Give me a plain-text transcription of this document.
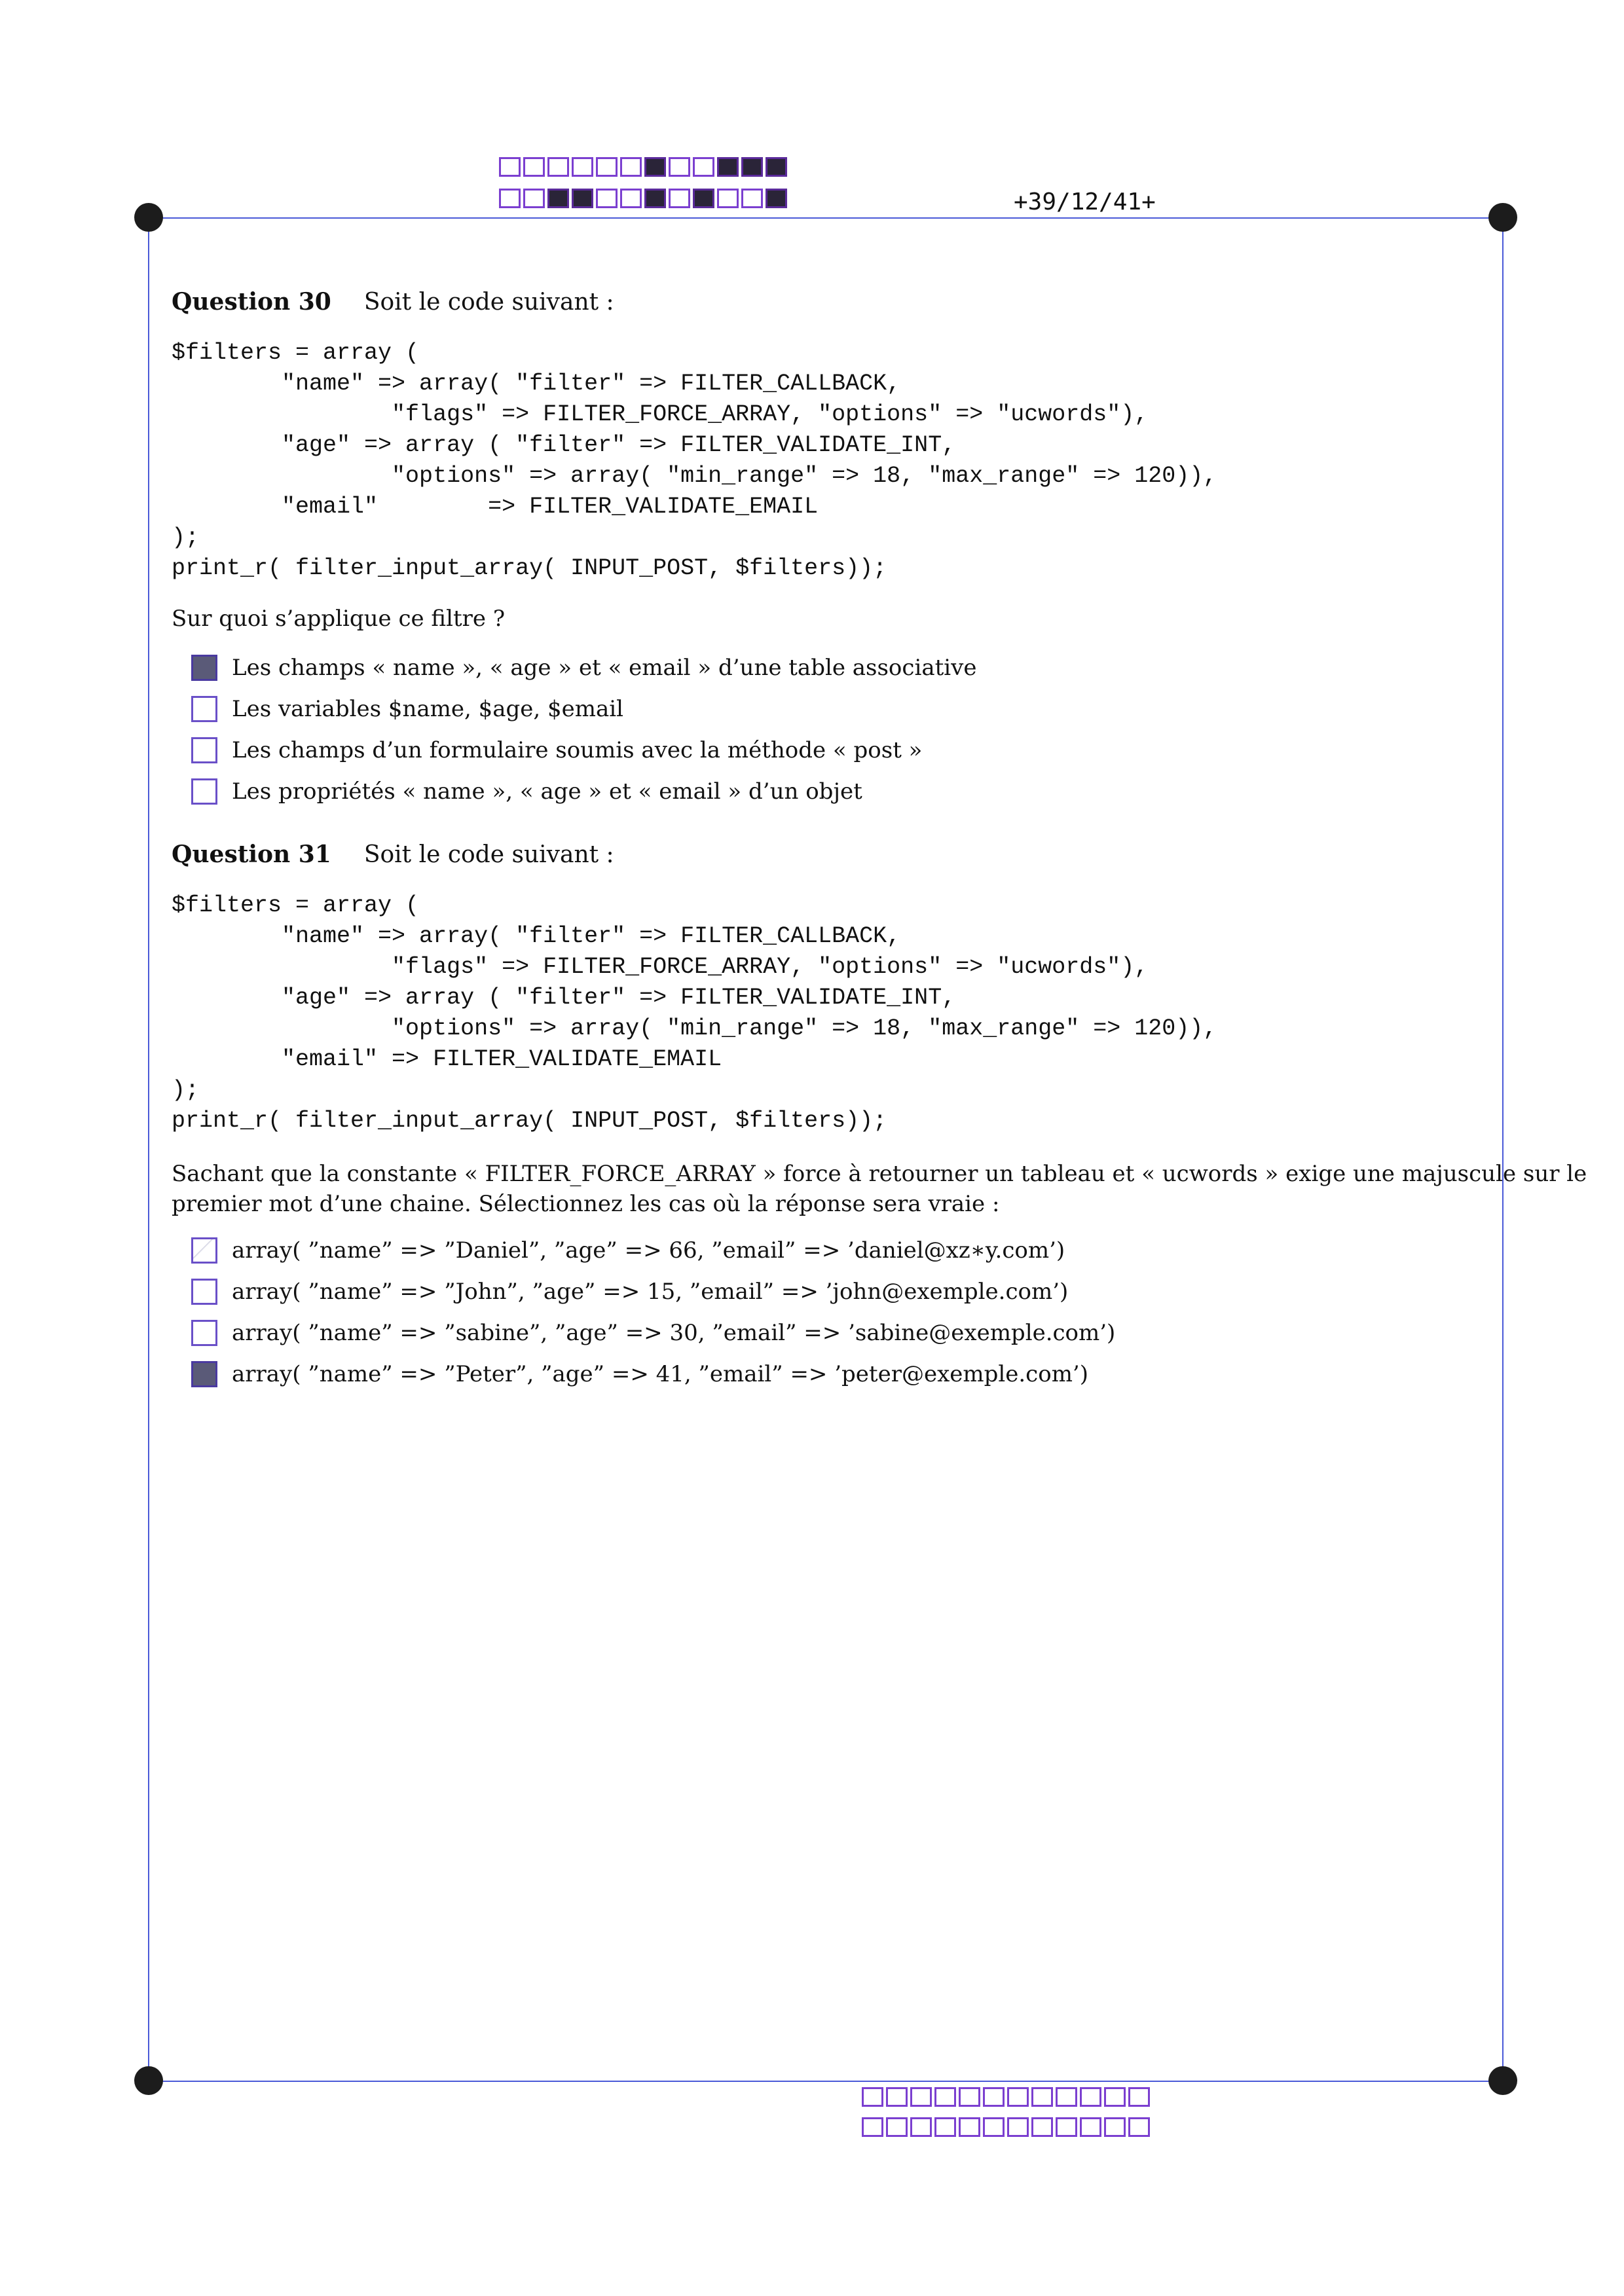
+39/12/41+
Question 30 Soit le code suivant :
$filters = array (
"name" => array( "filter" => FILTER_CALLBACK,
"flags" => FILTER_FORCE_ARRAY, "options" => "ucwords"),
"age" => array ( "filter" => FILTER_VALIDATE_INT,
"options" => array( "min_range" => 18, "max_range" => 120)),
"email"        => FILTER_VALIDATE_EMAIL
);
print_r( filter_input_array( INPUT_POST, $filters));
Sur quoi s’applique ce filtre ?
Les champs « name », « age » et « email » d’une table associative
Les variables $name, $age, $email
Les champs d’un formulaire soumis avec la méthode « post »
Les propriétés « name », « age » et « email » d’un objet
Question 31 Soit le code suivant :
$filters = array (
"name" => array( "filter" => FILTER_CALLBACK,
"flags" => FILTER_FORCE_ARRAY, "options" => "ucwords"),
"age" => array ( "filter" => FILTER_VALIDATE_INT,
"options" => array( "min_range" => 18, "max_range" => 120)),
"email" => FILTER_VALIDATE_EMAIL
);
print_r( filter_input_array( INPUT_POST, $filters));
Sachant que la constante « FILTER_FORCE_ARRAY » force à retourner un tableau et « ucwords » exige une majuscule sur le
premier mot d’une chaine. Sélectionnez les cas où la réponse sera vraie :
array( ”name” => ”Daniel”, ”age” => 66, ”email” => ’daniel@xz∗y.com’)
array( ”name” => ”John”, ”age” => 15, ”email” => ’john@exemple.com’)
array( ”name” => ”sabine”, ”age” => 30, ”email” => ’sabine@exemple.com’)
array( ”name” => ”Peter”, ”age” => 41, ”email” => ’peter@exemple.com’)
